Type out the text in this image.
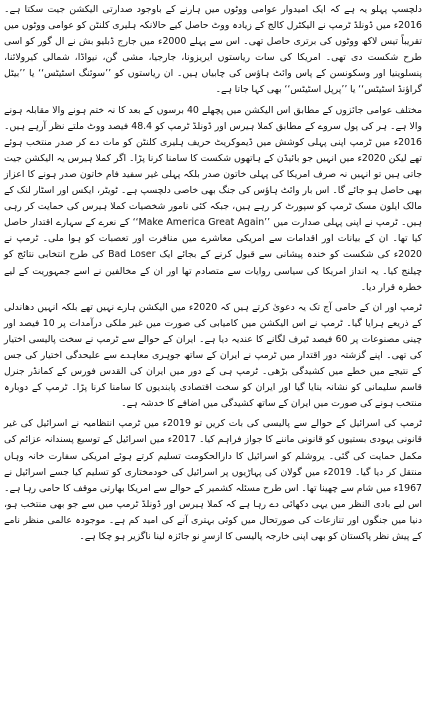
دلچسپ پہلو یہ ہے کہ ایک امیدوار عوامی ووٹوں میں ہارنے کے باوجود صدارتی الیکشن جیت سکتا ہے۔ 2016ء میں ڈونلڈ ٹرمپ نے الیکٹرل کالج کے زیادہ ووٹ حاصل کیے حالانکہ ہلیری کلنٹن کو عوامی ووٹوں میں تقریباً تیس لاکھ ووٹوں کی برتری حاصل تھی۔ اس سے پہلے 2000ء میں جارج ڈبلیو بش نے ال گور کو اسی طرح شکست دی تھی۔ امریکا کی سات ریاستوں ایریزونا، جارجیا، مشی گن، نیواڈا، شمالی کیرولائنا، پنسلوینیا اور وسکونسن کے پاس وائٹ ہاؤس کی چابیاں ہیں۔ ان ریاستوں کو ’’سوئنگ اسٹیٹس‘‘ یا ’’بیٹل گراؤنڈ اسٹیٹس‘‘ یا ’’پرپل اسٹیٹس‘‘ بھی کہا جاتا ہے۔

مختلف عوامی جائزوں کے مطابق اس الیکشن میں پچھلے 40 برسوں کے بعد کا نہ ختم ہونے والا مقابلہ ہونے والا ہے۔ ہر کی پول سروے کے مطابق کملا ہیرس اور ڈونلڈ ٹرمپ کو 48.4 فیصد ووٹ ملتے نظر آرہے ہیں۔ 2016ء میں ٹرمپ اپنی پہلی کوشش میں ڈیموکریٹ حریف ہلیری کلنٹن کو مات دے کر صدر منتخب ہوئے تھے لیکن 2020ء میں انہیں جو بائیڈن کے ہاتھوں شکست کا سامنا کرنا پڑا۔ اگر کملا ہیرس یہ الیکشن جیت جاتی ہیں تو انہیں نہ صرف امریکا کی پہلی خاتون صدر بلکہ پہلی غیر سفید فام خاتون صدر ہونے کا اعزاز بھی حاصل ہو جائے گا۔ اس بار وائٹ ہاؤس کی جنگ بھی خاصی دلچسپ ہے۔ ٹویٹر، ایکس اور اسٹار لنک کے مالک ایلون مسک ٹرمپ کو سپورٹ کر رہے ہیں، جبکہ کئی نامور شخصیات کملا ہیرس کی حمایت کر رہی ہیں۔ ٹرمپ نے اپنی پہلی صدارت میں ’’Make America Great Again‘‘ کے نعرے کے سہارے اقتدار حاصل کیا تھا۔ ان کے بیانات اور اقدامات سے امریکی معاشرے میں منافرت اور تعصبات کو ہوا ملی۔ ٹرمپ نے 2020ء کی شکست کو خندہ پیشانی سے قبول کرنے کے بجائے ایک Bad Loser کی طرح انتخابی نتائج کو چیلنج کیا۔ یہ انداز امریکا کی سیاسی روایات سے متصادم تھا اور ان کے مخالفین نے اسے جمہوریت کے لیے خطرہ قرار دیا۔

ٹرمپ اور ان کے حامی آج تک یہ دعویٰ کرتے ہیں کہ 2020ء میں الیکشن ہارے نہیں تھے بلکہ انہیں دھاندلی کے ذریعے ہرایا گیا۔ ٹرمپ نے اس الیکشن میں کامیابی کی صورت میں غیر ملکی درآمدات پر 10 فیصد اور چینی مصنوعات پر 60 فیصد ٹیرف لگانے کا عندیہ دیا ہے۔ ایران کے حوالے سے ٹرمپ نے سخت پالیسی اختیار کی تھی۔ اپنے گزشتہ دور اقتدار میں ٹرمپ نے ایران کے ساتھ جوہری معاہدے سے علیحدگی اختیار کی جس کے نتیجے میں خطے میں کشیدگی بڑھی۔ ٹرمپ ہی کے دور میں ایران کی القدس فورس کے کمانڈر جنرل قاسم سلیمانی کو نشانہ بنایا گیا اور ایران کو سخت اقتصادی پابندیوں کا سامنا کرنا پڑا۔ ٹرمپ کے دوبارہ منتخب ہونے کی صورت میں ایران کے ساتھ کشیدگی میں اضافے کا خدشہ ہے۔

ٹرمپ کی اسرائیل کے حوالے سے پالیسی کی بات کریں تو 2019ء میں ٹرمپ انتظامیہ نے اسرائیل کی غیر قانونی یہودی بستیوں کو قانونی ماننے کا جواز فراہم کیا۔ 2017ء میں اسرائیل کے توسیع پسندانہ عزائم کی مکمل حمایت کی گئی۔ یروشلم کو اسرائیل کا دارالحکومت تسلیم کرتے ہوئے امریکی سفارت خانہ وہاں منتقل کر دیا گیا۔ 2019ء میں گولان کی پہاڑیوں پر اسرائیل کی خودمختاری کو تسلیم کیا جسے اسرائیل نے 1967ء میں شام سے چھینا تھا۔ اس طرح مسئلہ کشمیر کے حوالے سے امریکا بھارتی موقف کا حامی رہا ہے۔ اس لیے بادی النظر میں یہی دکھائی دے رہا ہے کہ کملا ہیرس اور ڈونلڈ ٹرمپ میں سے جو بھی منتخب ہو، دنیا میں جنگوں اور تنازعات کی صورتحال میں کوئی بہتری آنے کی امید کم ہے۔ موجودہ عالمی منظر نامے کے پیش نظر پاکستان کو بھی اپنی خارجہ پالیسی کا ازسرِ نو جائزہ لینا ناگزیر ہو چکا ہے۔
